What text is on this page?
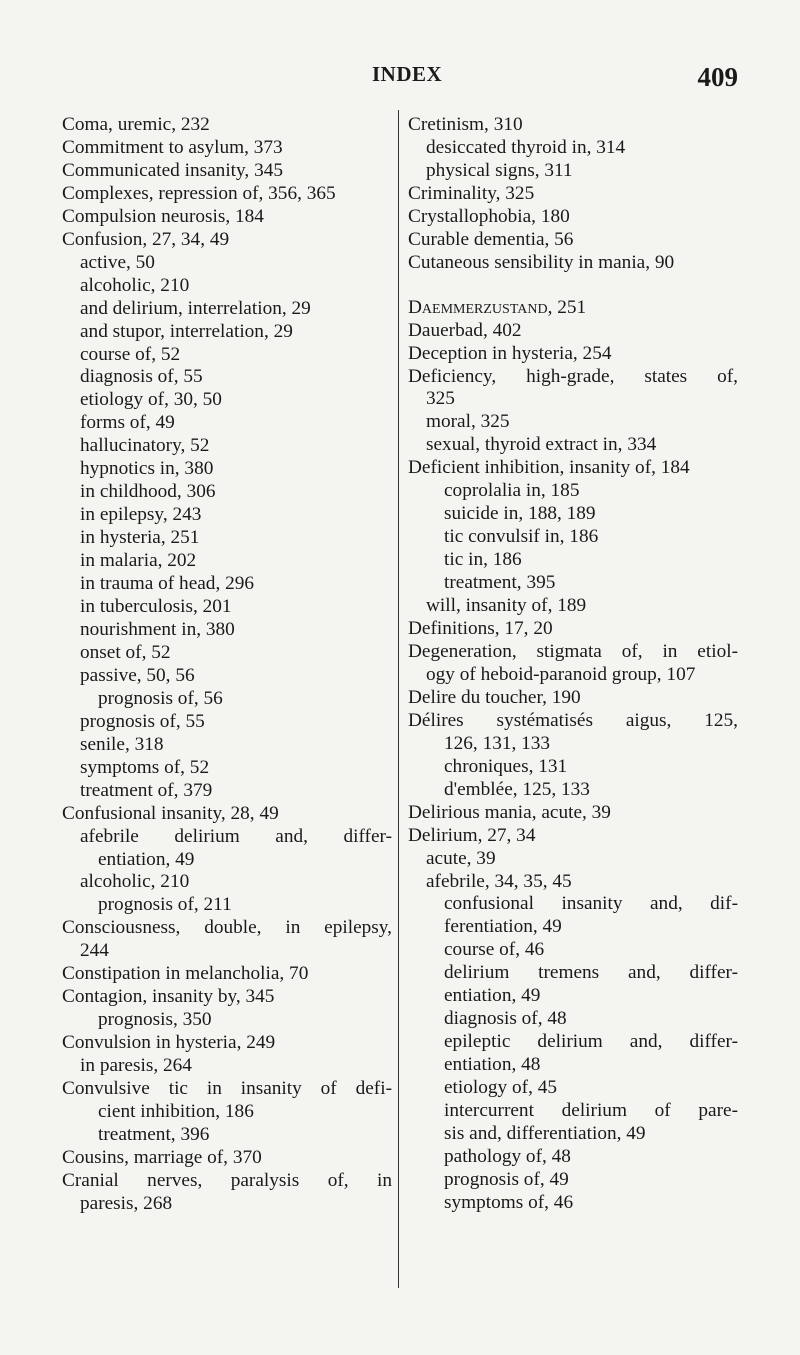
INDEX	409
Coma, uremic, 232
Commitment to asylum, 373
Communicated insanity, 345
Complexes, repression of, 356, 365
Compulsion neurosis, 184
Confusion, 27, 34, 49
active, 50
alcoholic, 210
and delirium, interrelation, 29
and stupor, interrelation, 29
course of, 52
diagnosis of, 55
etiology of, 30, 50
forms of, 49
hallucinatory, 52
hypnotics in, 380
in childhood, 306
in epilepsy, 243
in hysteria, 251
in malaria, 202
in trauma of head, 296
in tuberculosis, 201
nourishment in, 380
onset of, 52
passive, 50, 56
prognosis of, 56
prognosis of, 55
senile, 318
symptoms of, 52
treatment of, 379
Confusional insanity, 28, 49
afebrile delirium and, differ-
entiation, 49
alcoholic, 210
prognosis of, 211
Consciousness, double, in epilepsy,
244
Constipation in melancholia, 70
Contagion, insanity by, 345
prognosis, 350
Convulsion in hysteria, 249
in paresis, 264
Convulsive tic in insanity of defi-
cient inhibition, 186
treatment, 396
Cousins, marriage of, 370
Cranial nerves, paralysis of, in
paresis, 268
Cretinism, 310
desiccated thyroid in, 314
physical signs, 311
Criminality, 325
Crystallophobia, 180
Curable dementia, 56
Cutaneous sensibility in mania, 90
Daemmerzustand, 251
Dauerbad, 402
Deception in hysteria, 254
Deficiency, high-grade, states of,
325
moral, 325
sexual, thyroid extract in, 334
Deficient inhibition, insanity of, 184
coprolalia in, 185
suicide in, 188, 189
tic convulsif in, 186
tic in, 186
treatment, 395
will, insanity of, 189
Definitions, 17, 20
Degeneration, stigmata of, in etiol-
ogy of heboid-paranoid group, 107
Delire du toucher, 190
Délires systématisés aigus, 125,
126, 131, 133
chroniques, 131
d'emblée, 125, 133
Delirious mania, acute, 39
Delirium, 27, 34
acute, 39
afebrile, 34, 35, 45
confusional insanity and, dif-
ferentiation, 49
course of, 46
delirium tremens and, differ-
entiation, 49
diagnosis of, 48
epileptic delirium and, differ-
entiation, 48
etiology of, 45
intercurrent delirium of pare-
sis and, differentiation, 49
pathology of, 48
prognosis of, 49
symptoms of, 46
